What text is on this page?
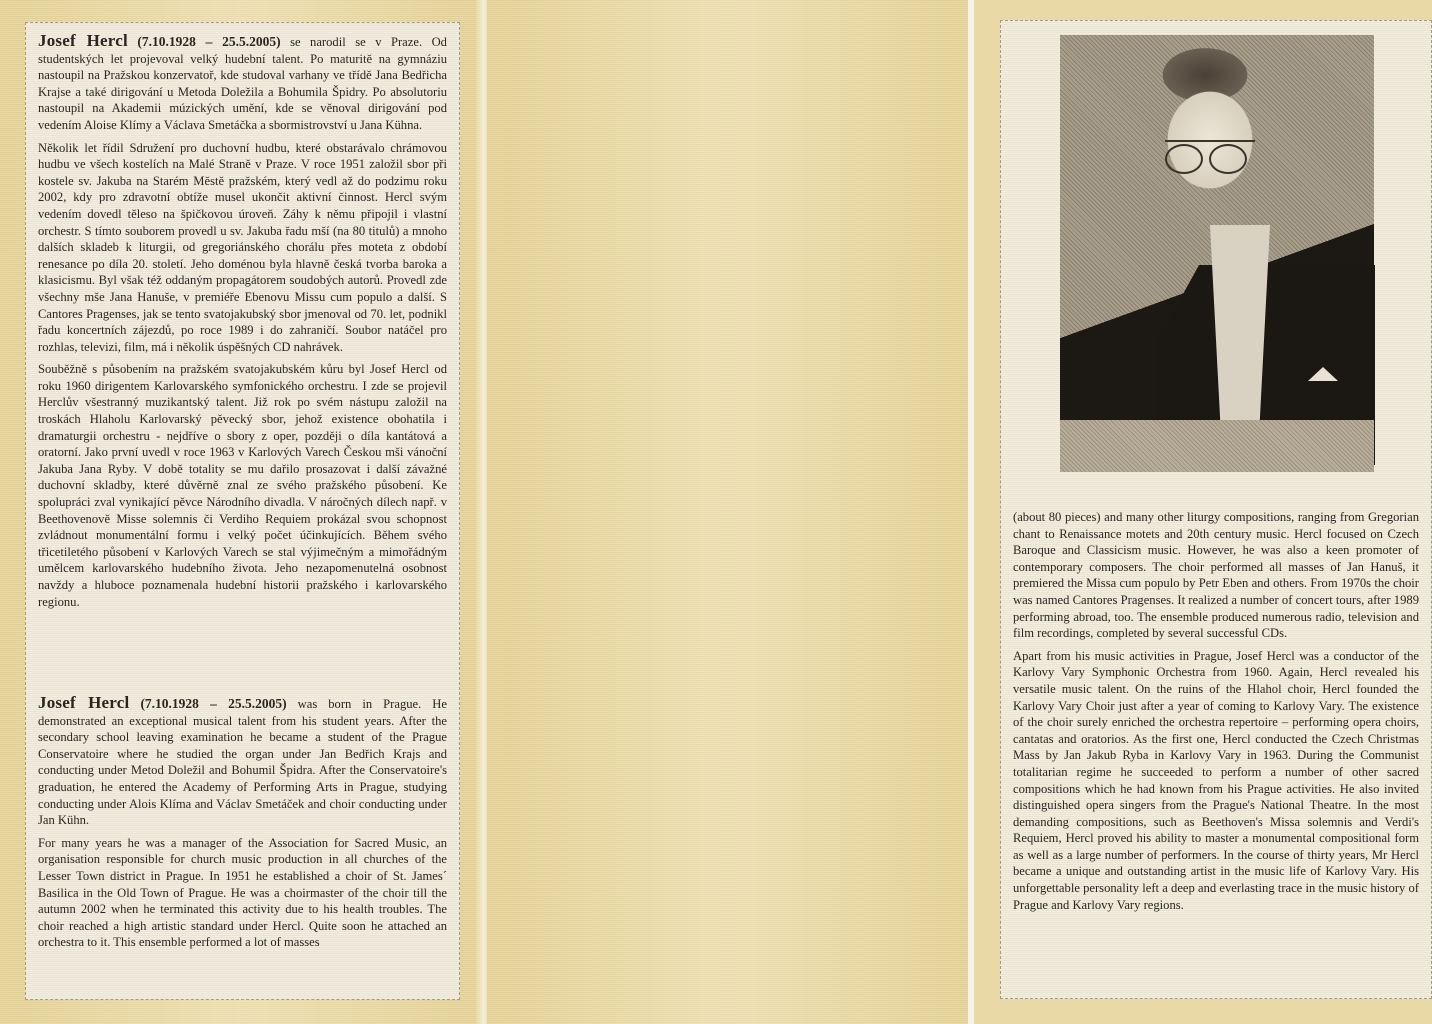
Josef Hercl (7.10.1928 – 25.5.2005) se narodil se v Praze. Od studentských let projevoval velký hudební talent. Po maturitě na gymnáziu nastoupil na Pražskou konzervatoř, kde studoval varhany ve třídě Jana Bedřicha Krajse a také dirigování u Metoda Doležila a Bohumila Špidry. Po absolutoriu nastoupil na Akademii múzických umění, kde se věnoval dirigování pod vedením Aloise Klímy a Václava Smetáčka a sbormistrovství u Jana Kühna.

Několik let řídil Sdružení pro duchovní hudbu, které obstarávalo chrámovou hudbu ve všech kostelích na Malé Straně v Praze. V roce 1951 založil sbor při kostele sv. Jakuba na Starém Městě pražském, který vedl až do podzimu roku 2002, kdy pro zdravotní obtíže musel ukončit aktivní činnost. Hercl svým vedením dovedl těleso na špičkovou úroveň. Záhy k němu připojil i vlastní orchestr. S tímto souborem provedl u sv. Jakuba řadu mší (na 80 titulů) a mnoho dalších skladeb k liturgii, od gregoriánského chorálu přes moteta z období renesance po díla 20. století. Jeho doménou byla hlavně česká tvorba baroka a klasicismu. Byl však též oddaným propagátorem soudobých autorů. Provedl zde všechny mše Jana Hanuše, v premiéře Ebenovu Missu cum populo a další. S Cantores Pragenses, jak se tento svatojakubský sbor jmenoval od 70. let, podnikl řadu koncertních zájezdů, po roce 1989 i do zahraničí. Soubor natáčel pro rozhlas, televizi, film, má i několik úspěšných CD nahrávek.

Souběžně s působením na pražském svatojakubském kůru byl Josef Hercl od roku 1960 dirigentem Karlovarského symfonického orchestru. I zde se projevil Herclův všestranný muzikantský talent. Již rok po svém nástupu založil na troskách Hlaholu Karlovarský pěvecký sbor, jehož existence obohatila i dramaturgii orchestru - nejdříve o sbory z oper, později o díla kantátová a oratorní. Jako první uvedl v roce 1963 v Karlových Varech Českou mši vánoční Jakuba Jana Ryby. V době totality se mu dařilo prosazovat i další závažné duchovní skladby, které důvěrně znal ze svého pražského působení. Ke spolupráci zval vynikající pěvce Národního divadla. V náročných dílech např. v Beethovenově Misse solemnis či Verdiho Requiem prokázal svou schopnost zvládnout monumentální formu i velký počet účinkujících. Během svého třicetiletého působení v Karlových Varech se stal výjimečným a mimořádným umělcem karlovarského hudebního života. Jeho nezapomenutelná osobnost navždy a hluboce poznamenala hudební historii pražského i karlovarského regionu.

Josef Hercl (7.10.1928 – 25.5.2005) was born in Prague. He demonstrated an exceptional musical talent from his student years. After the secondary school leaving examination he became a student of the Prague Conservatoire where he studied the organ under Jan Bedřich Krajs and conducting under Metod Doležil and Bohumil Špidra. After the Conservatoire's graduation, he entered the Academy of Performing Arts in Prague, studying conducting under Alois Klíma and Václav Smetáček and choir conducting under Jan Kühn.

For many years he was a manager of the Association for Sacred Music, an organisation responsible for church music production in all churches of the Lesser Town district in Prague. In 1951 he established a choir of St. James´ Basilica in the Old Town of Prague. He was a choirmaster of the choir till the autumn 2002 when he terminated this activity due to his health troubles. The choir reached a high artistic standard under Hercl. Quite soon he attached an orchestra to it. This ensemble performed a lot of masses

(about 80 pieces) and many other liturgy compositions, ranging from Gregorian chant to Renaissance motets and 20th century music. Hercl focused on Czech Baroque and Classicism music. However, he was also a keen promoter of contemporary composers. The choir performed all masses of Jan Hanuš, it premiered the Missa cum populo by Petr Eben and others. From 1970s the choir was named Cantores Pragenses. It realized a number of concert tours, after 1989 performing abroad, too. The ensemble produced numerous radio, television and film recordings, completed by several successful CDs.

Apart from his music activities in Prague, Josef Hercl was a conductor of the Karlovy Vary Symphonic Orchestra from 1960. Again, Hercl revealed his versatile music talent. On the ruins of the Hlahol choir, Hercl founded the Karlovy Vary Choir just after a year of coming to Karlovy Vary. The existence of the choir surely enriched the orchestra repertoire – performing opera choirs, cantatas and oratorios. As the first one, Hercl conducted the Czech Christmas Mass by Jan Jakub Ryba in Karlovy Vary in 1963. During the Communist totalitarian regime he succeeded to perform a number of other sacred compositions which he had known from his Prague activities. He also invited distinguished opera singers from the Prague's National Theatre. In the most demanding compositions, such as Beethoven's Missa solemnis and Verdi's Requiem, Hercl proved his ability to master a monumental compositional form as well as a large number of performers. In the course of thirty years, Mr Hercl became a unique and outstanding artist in the music life of Karlovy Vary. His unforgettable personality left a deep and everlasting trace in the music history of Prague and Karlovy Vary regions.
